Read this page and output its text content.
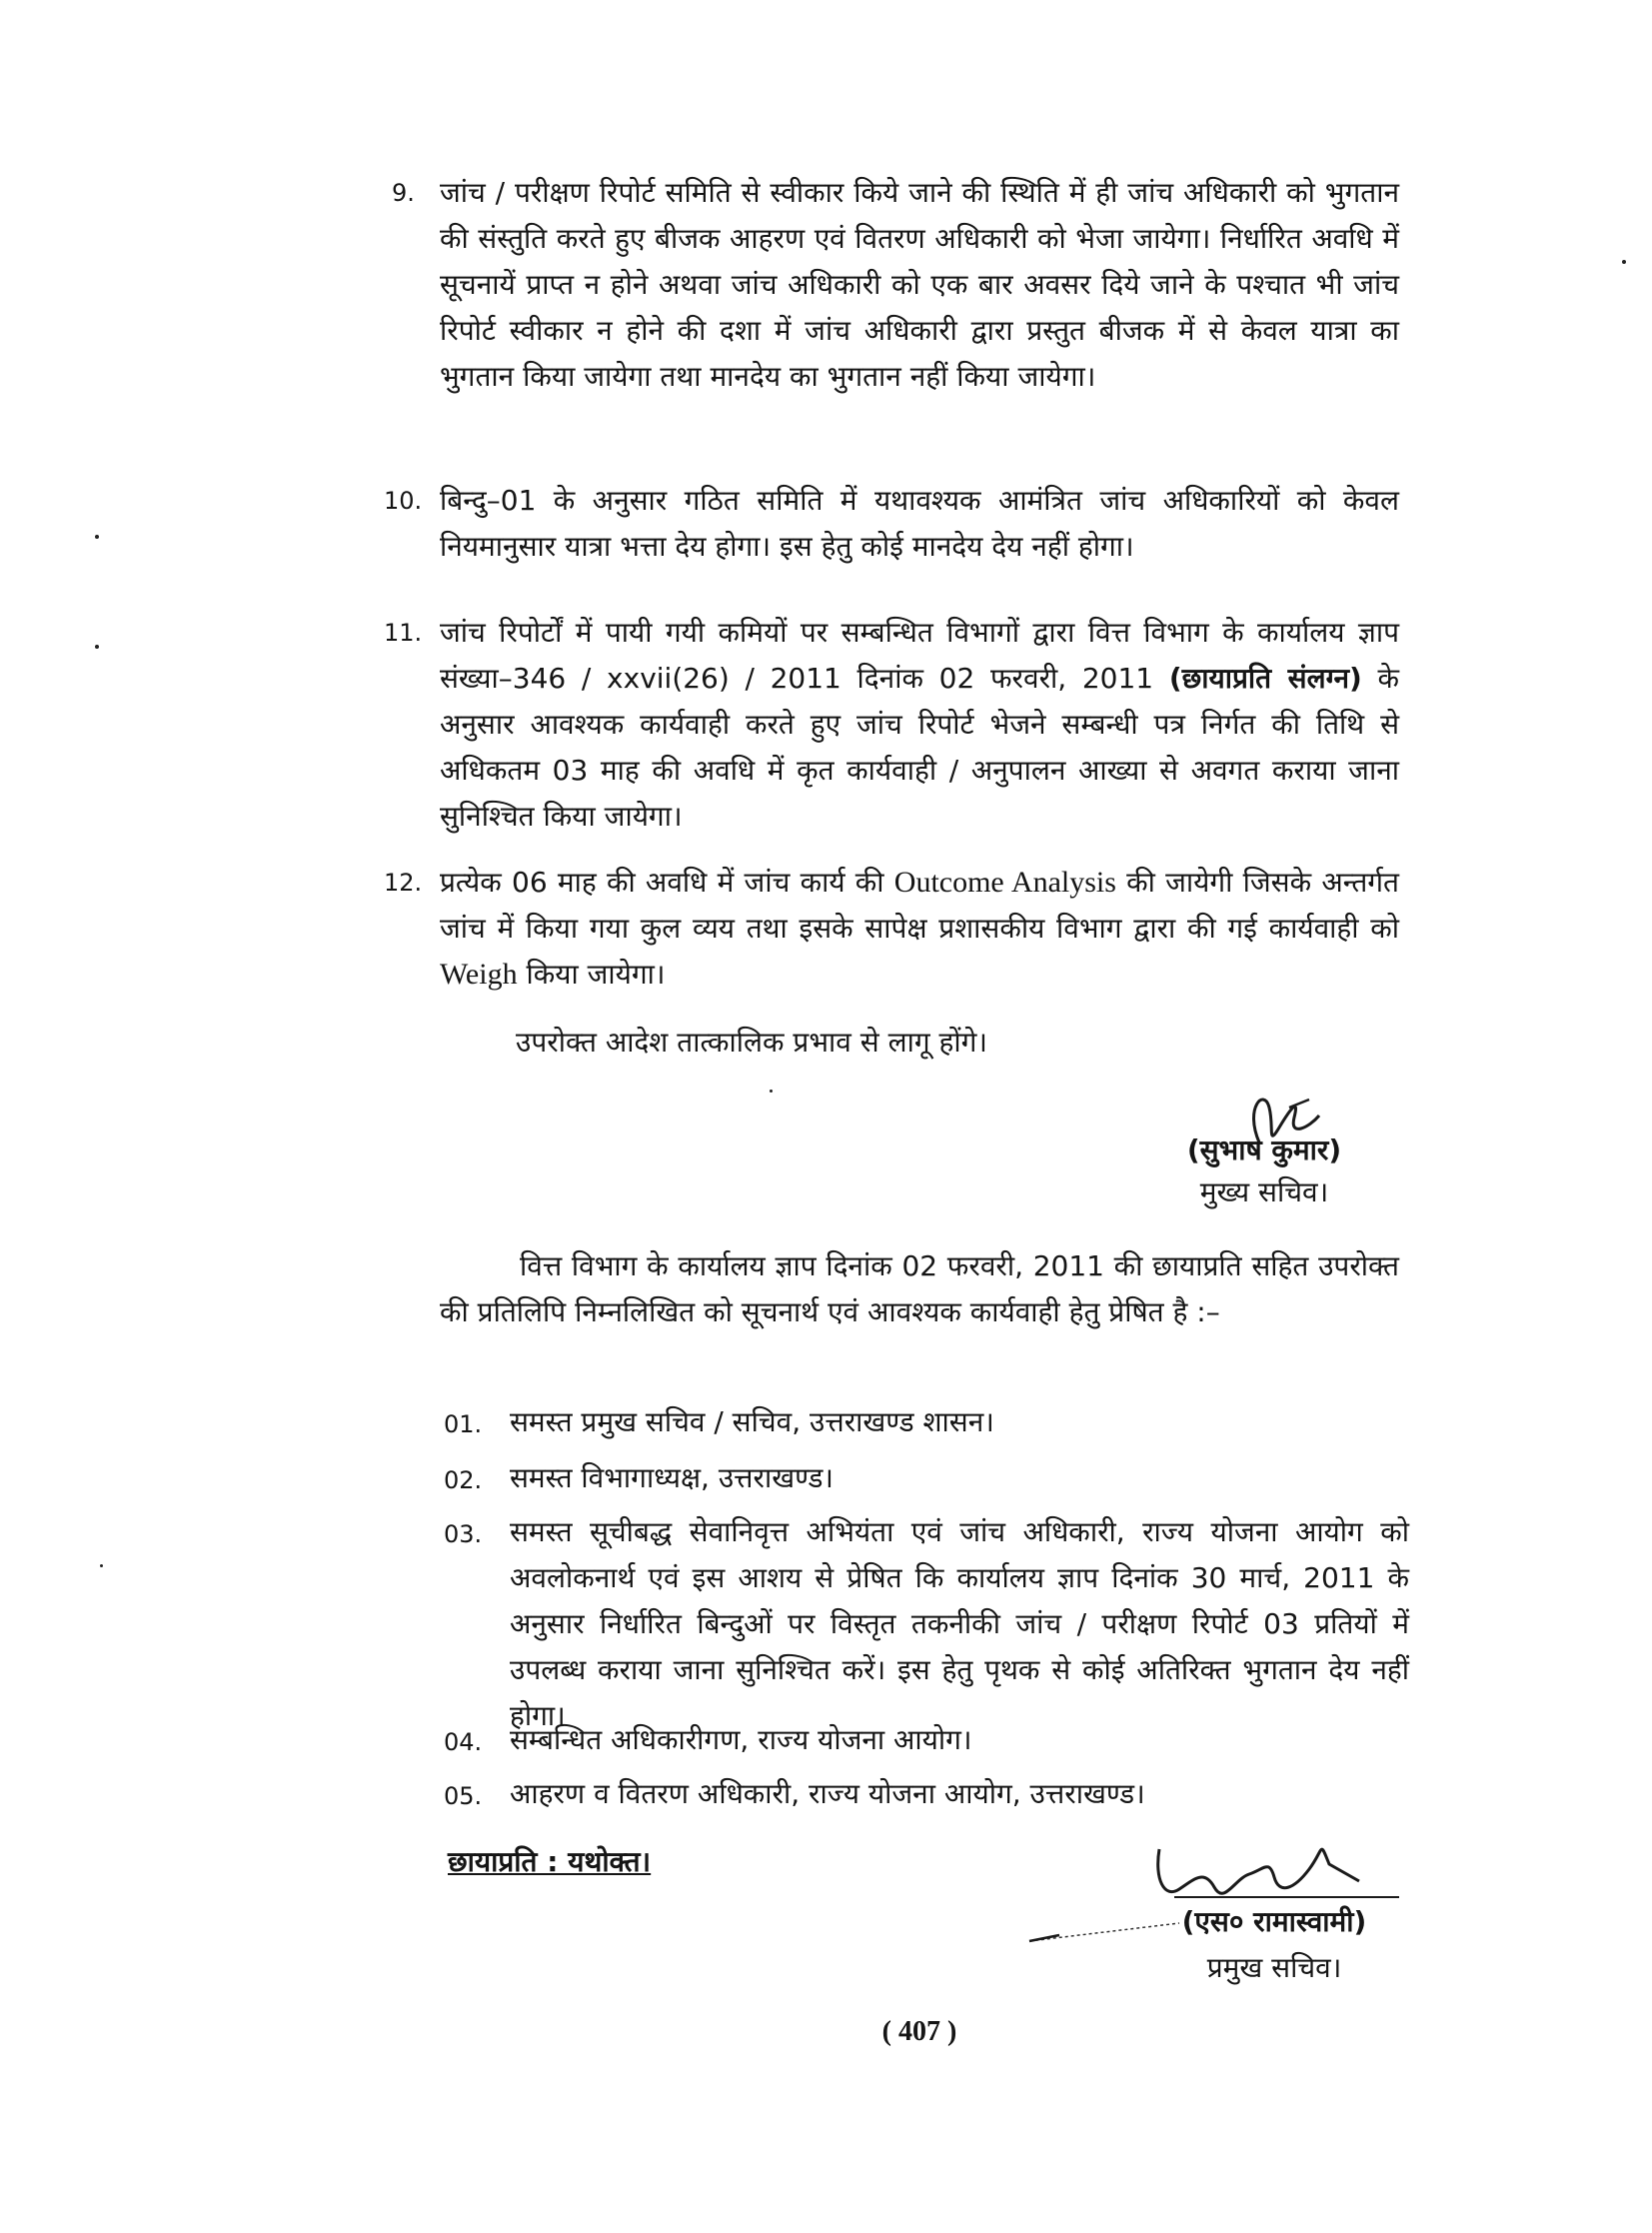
9. जांच / परीक्षण रिपोर्ट समिति से स्वीकार किये जाने की स्थिति में ही जांच अधिकारी को भुगतान की संस्तुति करते हुए बीजक आहरण एवं वितरण अधिकारी को भेजा जायेगा। निर्धारित अवधि में सूचनायें प्राप्त न होने अथवा जांच अधिकारी को एक बार अवसर दिये जाने के पश्चात भी जांच रिपोर्ट स्वीकार न होने की दशा में जांच अधिकारी द्वारा प्रस्तुत बीजक में से केवल यात्रा का भुगतान किया जायेगा तथा मानदेय का भुगतान नहीं किया जायेगा।
10. बिन्दु–01 के अनुसार गठित समिति में यथावश्यक आमंत्रित जांच अधिकारियों को केवल नियमानुसार यात्रा भत्ता देय होगा। इस हेतु कोई मानदेय देय नहीं होगा।
11. जांच रिपोर्टों में पायी गयी कमियों पर सम्बन्धित विभागों द्वारा वित्त विभाग के कार्यालय ज्ञाप संख्या–346 / xxvii(26) / 2011 दिनांक 02 फरवरी, 2011 (छायाप्रति संलग्न) के अनुसार आवश्यक कार्यवाही करते हुए जांच रिपोर्ट भेजने सम्बन्धी पत्र निर्गत की तिथि से अधिकतम 03 माह की अवधि में कृत कार्यवाही / अनुपालन आख्या से अवगत कराया जाना सुनिश्चित किया जायेगा।
12. प्रत्येक 06 माह की अवधि में जांच कार्य की Outcome Analysis की जायेगी जिसके अन्तर्गत जांच में किया गया कुल व्यय तथा इसके सापेक्ष प्रशासकीय विभाग द्वारा की गई कार्यवाही को Weigh किया जायेगा।
उपरोक्त आदेश तात्कालिक प्रभाव से लागू होंगे।
(सुभाष कुमार)
मुख्य सचिव।
वित्त विभाग के कार्यालय ज्ञाप दिनांक 02 फरवरी, 2011 की छायाप्रति सहित उपरोक्त की प्रतिलिपि निम्नलिखित को सूचनार्थ एवं आवश्यक कार्यवाही हेतु प्रेषित है :–
01. समस्त प्रमुख सचिव / सचिव, उत्तराखण्ड शासन।
02. समस्त विभागाध्यक्ष, उत्तराखण्ड।
03. समस्त सूचीबद्ध सेवानिवृत्त अभियंता एवं जांच अधिकारी, राज्य योजना आयोग को अवलोकनार्थ एवं इस आशय से प्रेषित कि कार्यालय ज्ञाप दिनांक 30 मार्च, 2011 के अनुसार निर्धारित बिन्दुओं पर विस्तृत तकनीकी जांच / परीक्षण रिपोर्ट 03 प्रतियों में उपलब्ध कराया जाना सुनिश्चित करें। इस हेतु पृथक से कोई अतिरिक्त भुगतान देय नहीं होगा।
04. सम्बन्धित अधिकारीगण, राज्य योजना आयोग।
05. आहरण व वितरण अधिकारी, राज्य योजना आयोग, उत्तराखण्ड।
छायाप्रति : यथोक्त।
(एस० रामास्वामी)
प्रमुख सचिव।
( 407 )
